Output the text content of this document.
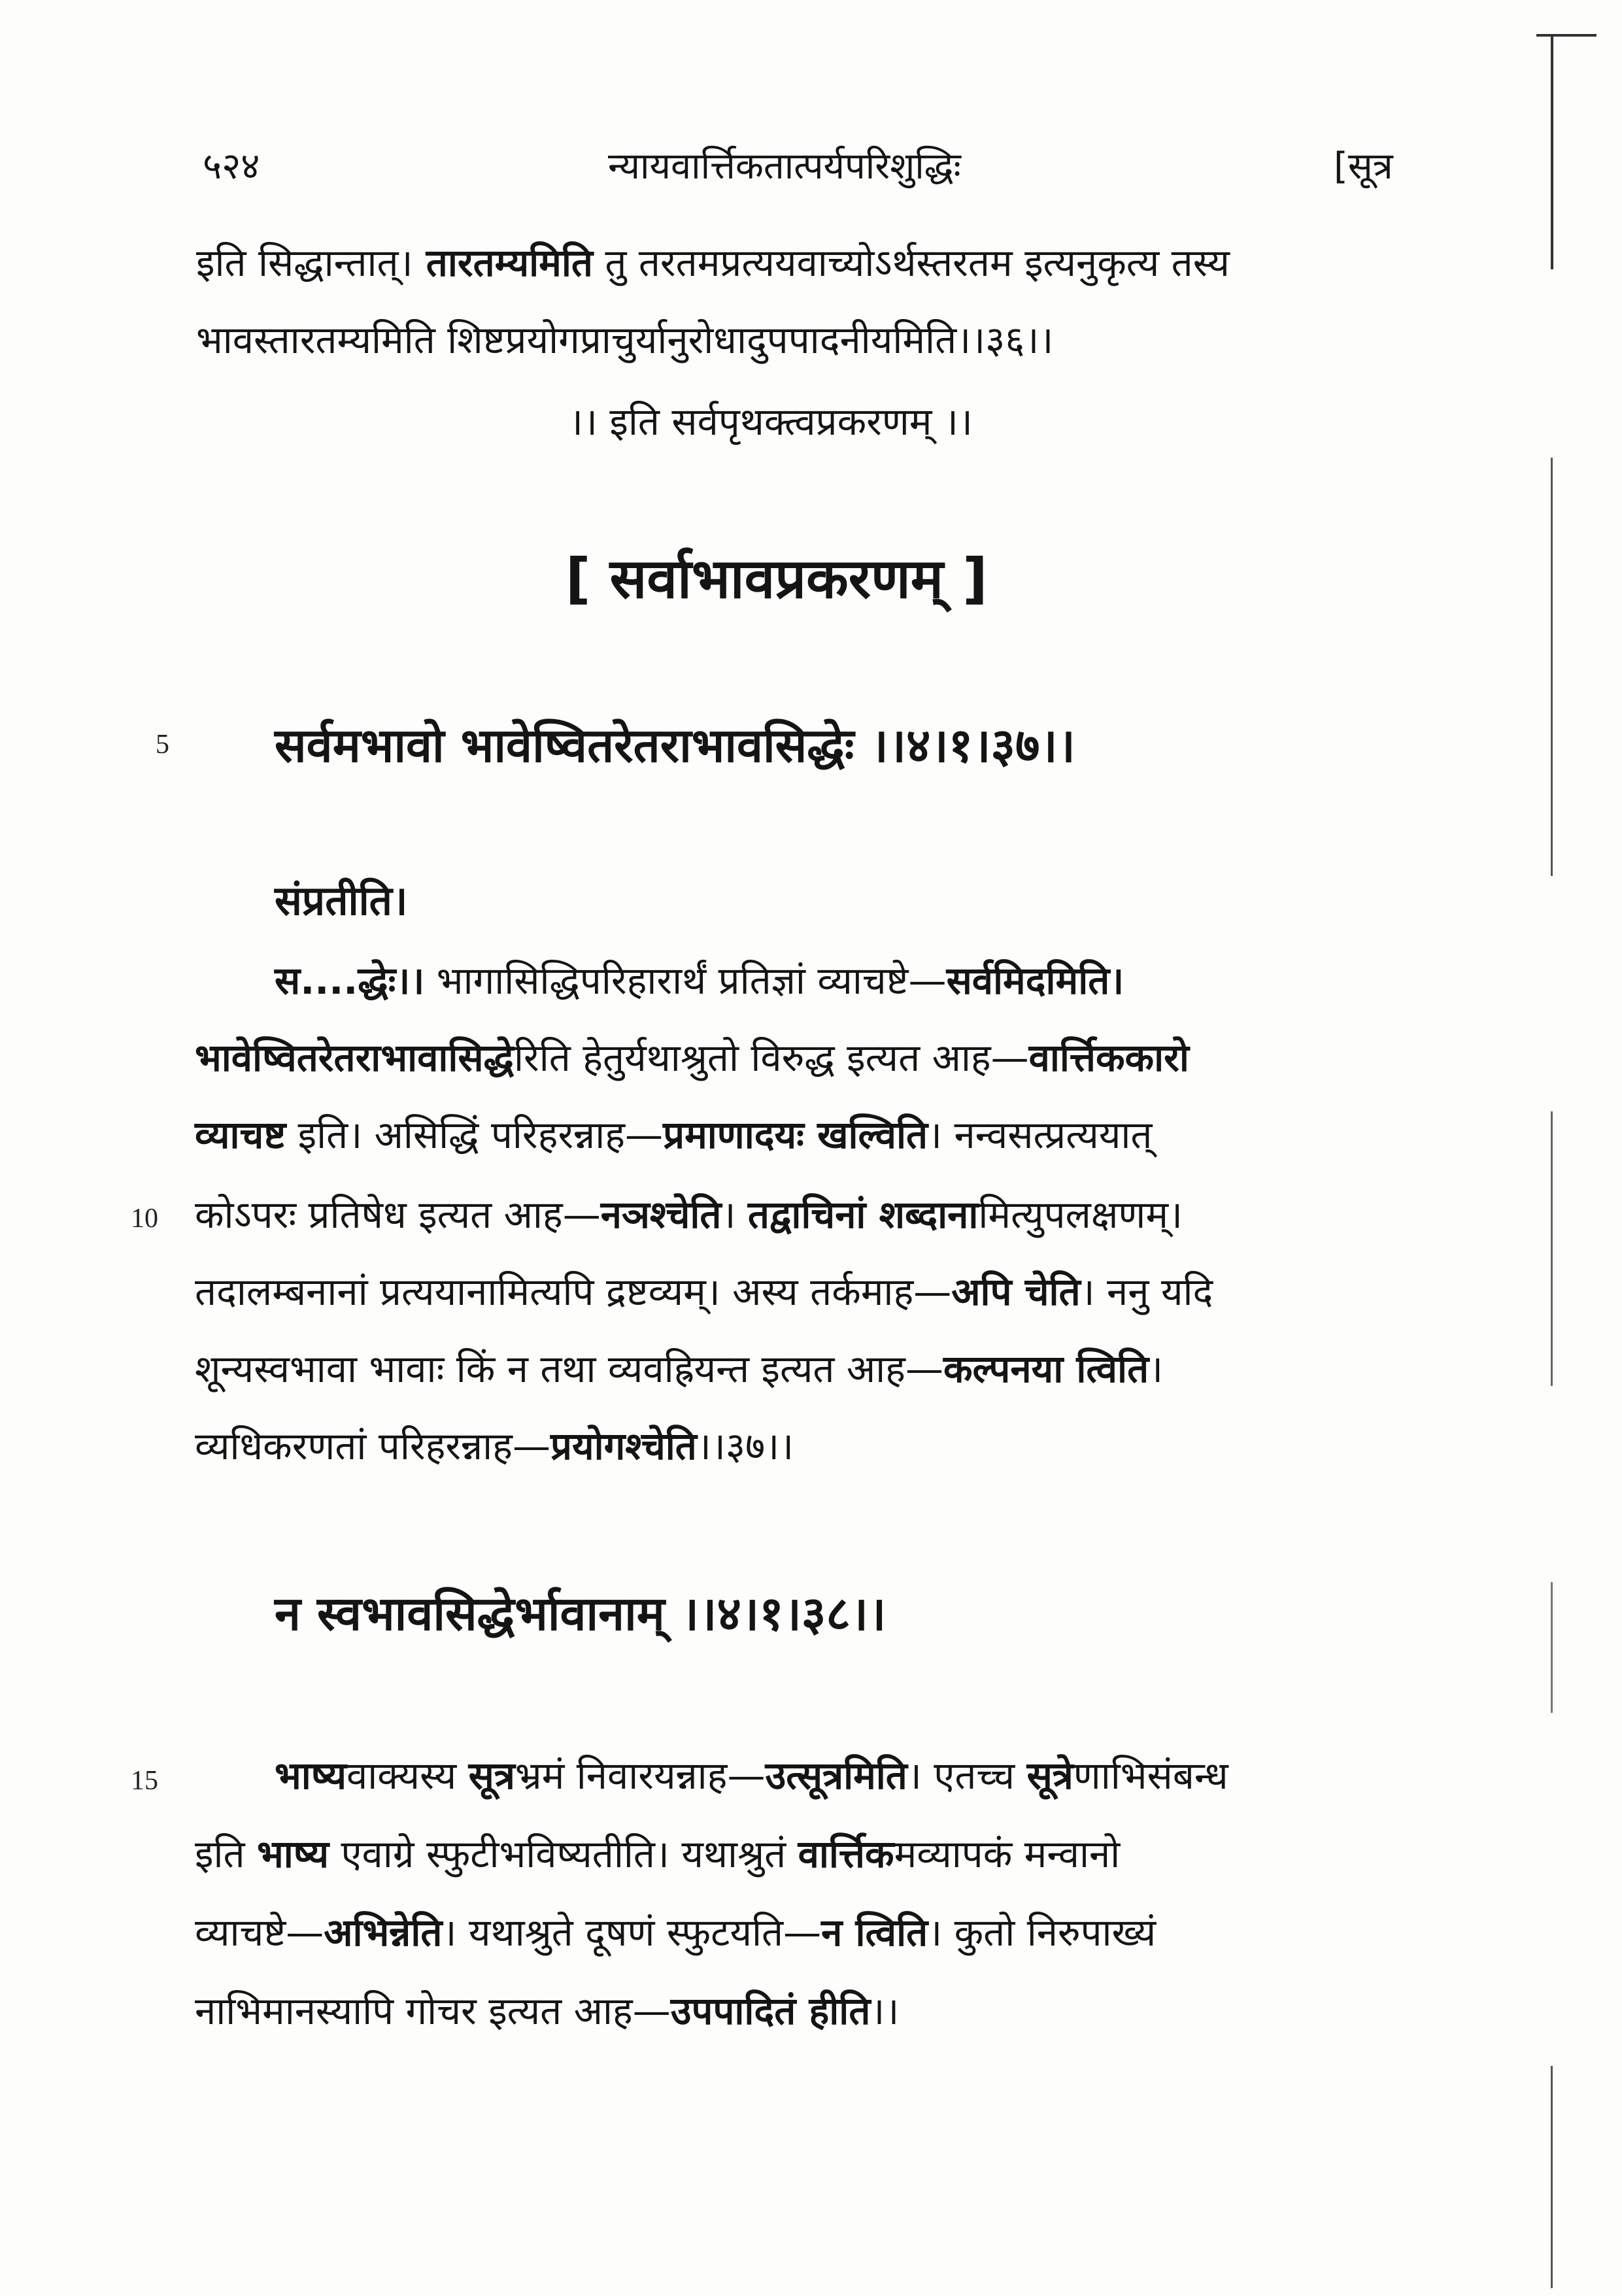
५२४	न्यायवार्त्तिकतात्पर्यपरिशुद्धिः	[सूत्र
इति सिद्धान्तात्। तारतम्यमिति तु तरतमप्रत्ययवाच्योऽर्थस्तरतम इत्यनुकृत्य तस्य
भावस्तारतम्यमिति शिष्टप्रयोगप्राचुर्यानुरोधादुपपादनीयमिति।।३६।।
।। इति सर्वपृथक्त्वप्रकरणम् ।।
[ सर्वाभावप्रकरणम् ]
5 सर्वमभावो भावेष्वितरेतराभावसिद्धेः ।।४।१।३७।।
संप्रतीति।
स....द्धेः।। भागासिद्धिपरिहारार्थं प्रतिज्ञां व्याचष्टे—सर्वमिदमिति।
भावेष्वितरेतराभावासिद्धेरिति हेतुर्यथाश्रुतो विरुद्ध इत्यत आह—वार्त्तिककारो
व्याचष्ट इति। असिद्धिं परिहरन्नाह—प्रमाणादयः खल्विति। नन्वसत्प्रत्ययात्
10 कोऽपरः प्रतिषेध इत्यत आह—नञश्चेति। तद्वाचिनां शब्दानामित्युपलक्षणम्।
तदालम्बनानां प्रत्ययानामित्यपि द्रष्टव्यम्। अस्य तर्कमाह—अपि चेति। ननु यदि
शून्यस्वभावा भावाः किं न तथा व्यवह्रियन्त इत्यत आह—कल्पनया त्विति।
व्यधिकरणतां परिहरन्नाह—प्रयोगश्चेति।।३७।।
न स्वभावसिद्धेर्भावानाम् ।।४।१।३८।।
15	भाष्यवाक्यस्य सूत्रभ्रमं निवारयन्नाह—उत्सूत्रमिति। एतच्च सूत्रेणाभिसंबन्ध
इति भाष्य एवाग्रे स्फुटीभविष्यतीति। यथाश्रुतं वार्त्तिकमव्यापकं मन्वानो
व्याचष्टे—अभिन्नेति। यथाश्रुते दूषणं स्फुटयति—न त्विति। कुतो निरुपाख्यं
नाभिमानस्यापि गोचर इत्यत आह—उपपादितं हीति।।
